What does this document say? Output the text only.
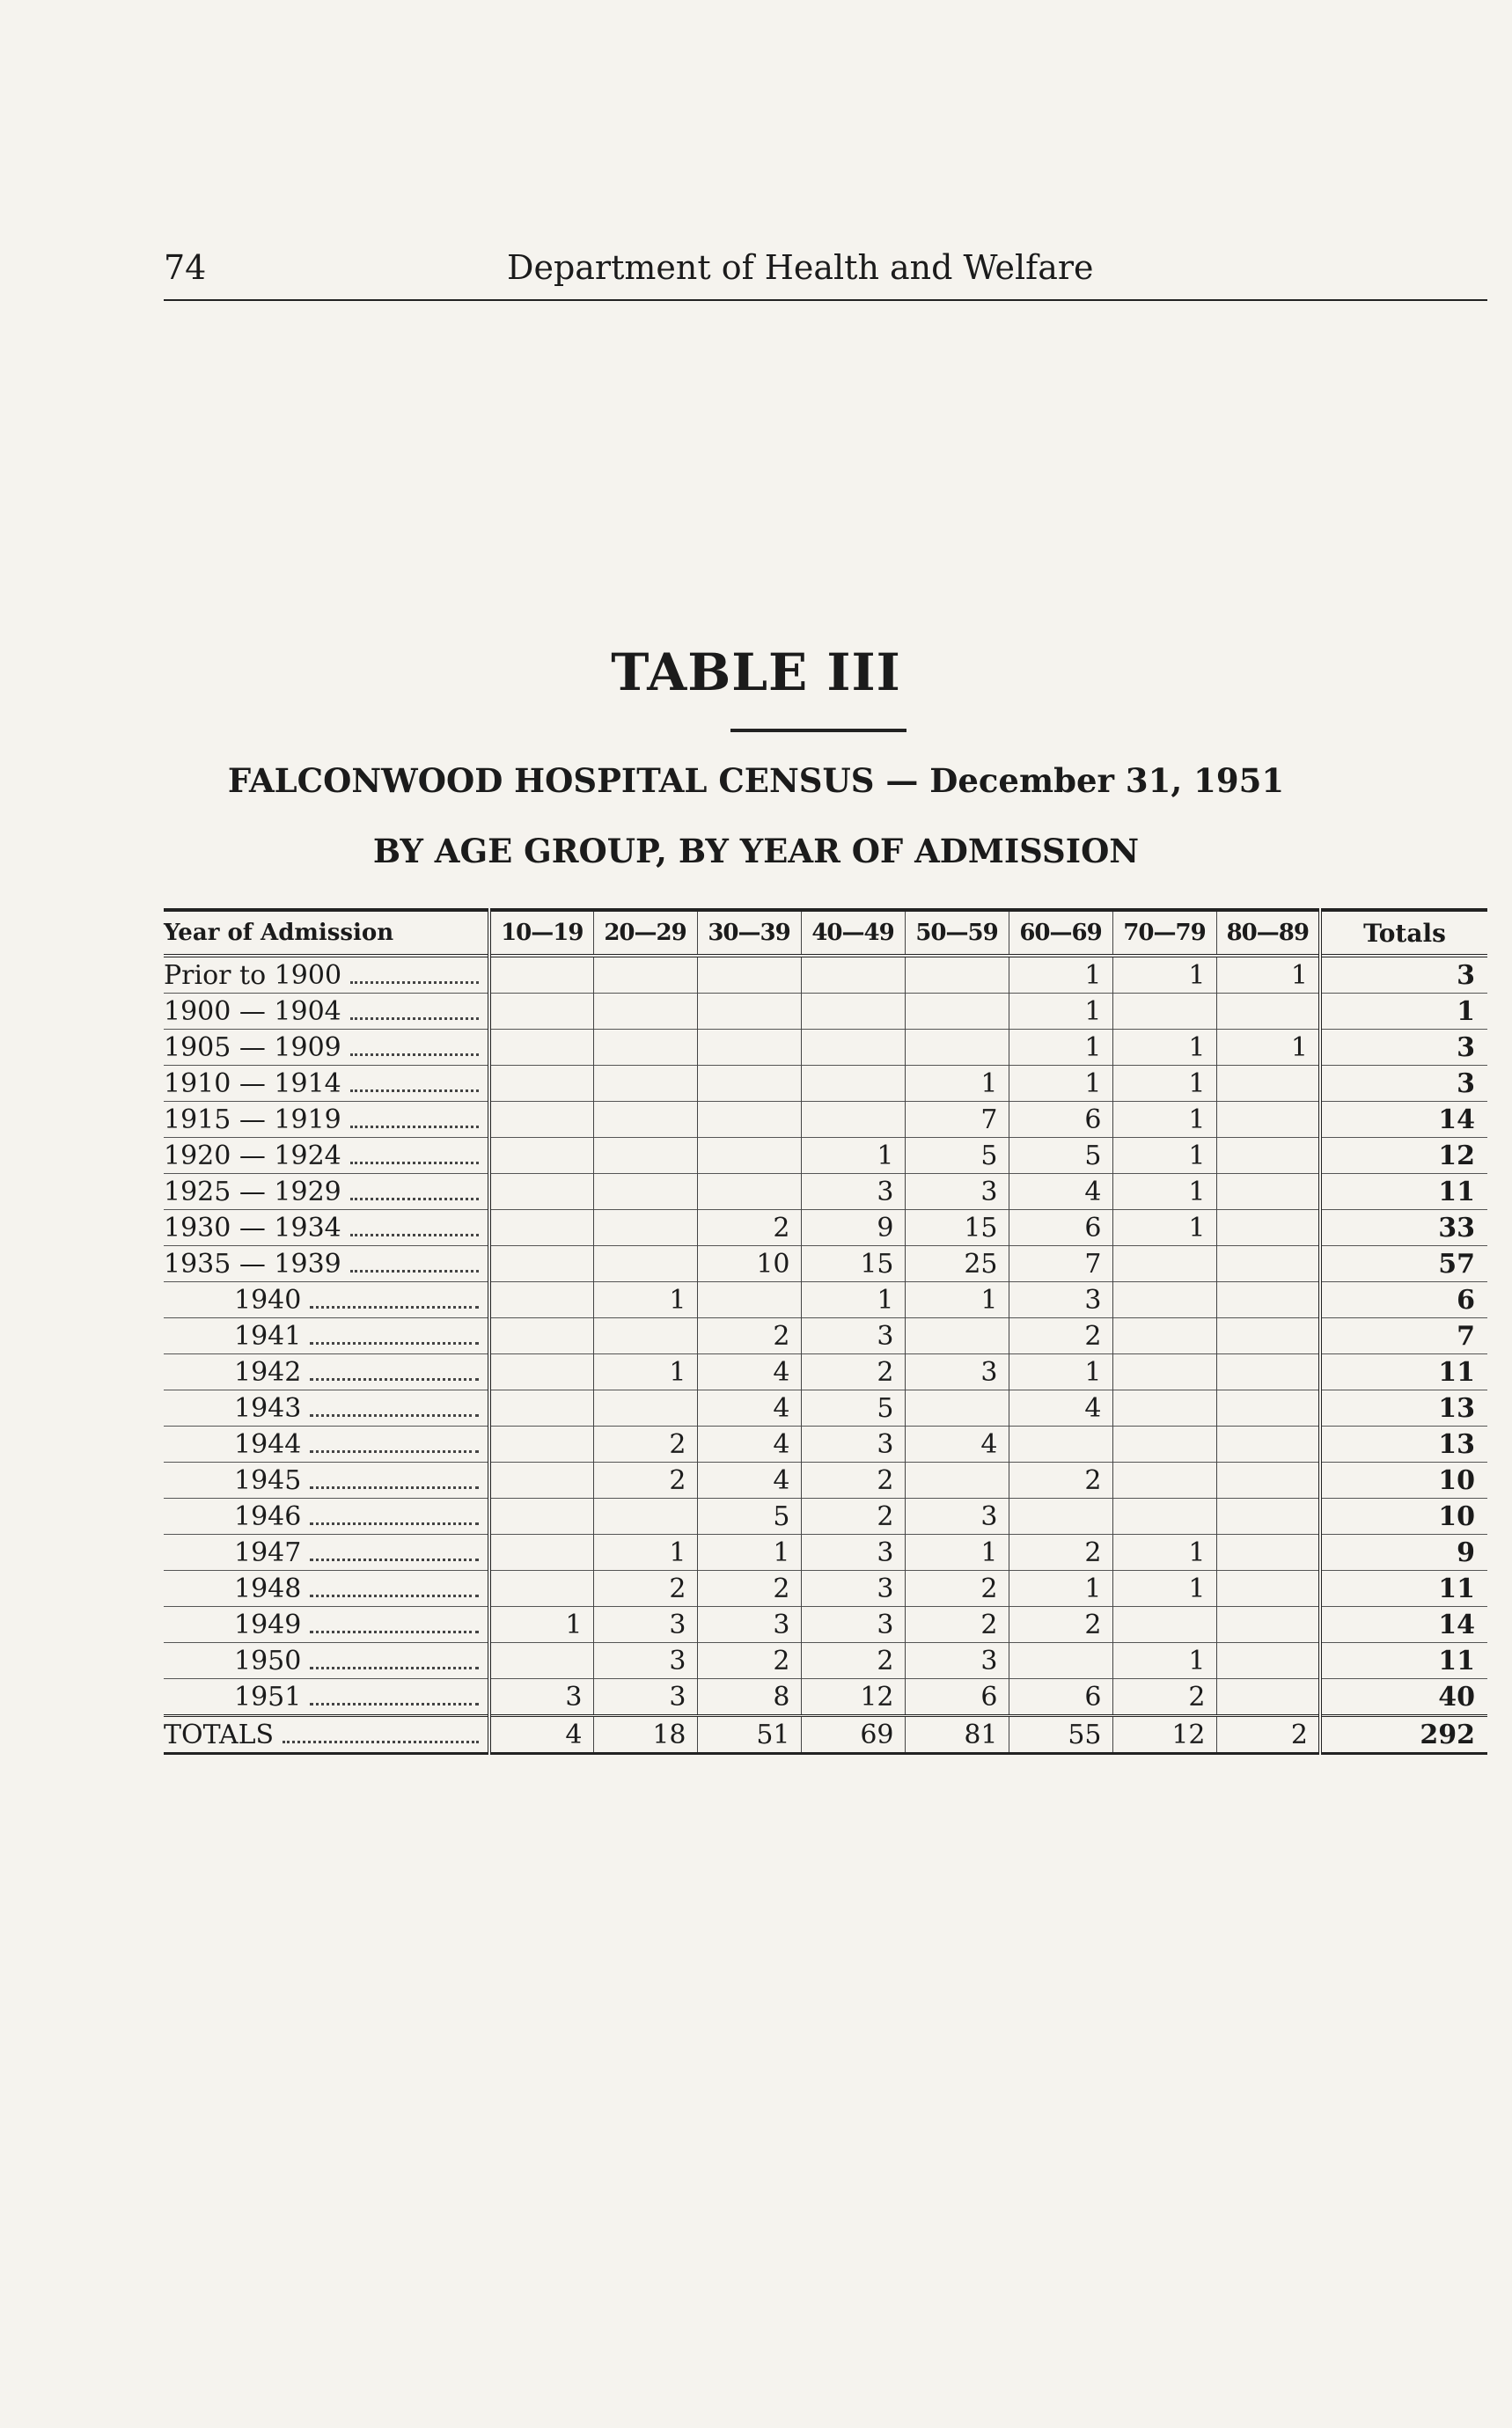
74	Department of Health and Welfare
TABLE III
FALCONWOOD HOSPITAL CENSUS — December 31, 1951
BY AGE GROUP, BY YEAR OF ADMISSION
Year of Admission	10—19	20—29	30—39	40—49	50—59	60—69	70—79	80—89	Totals

Prior to 1900						1	1	1	3

1900 — 1904						1			1

1905 — 1909						1	1	1	3

1910 — 1914					1	1	1		3

1915 — 1919					7	6	1		14

1920 — 1924				1	5	5	1		12

1925 — 1929				3	3	4	1		11

1930 — 1934			2	9	15	6	1		33

1935 — 1939			10	15	25	7			57

1940		1		1	1	3			6

1941			2	3		2			7

1942		1	4	2	3	1			11

1943			4	5		4			13

1944		2	4	3	4				13

1945		2	4	2		2			10

1946			5	2	3				10

1947		1	1	3	1	2	1		9

1948		2	2	3	2	1	1		11

1949	1	3	3	3	2	2			14

1950		3	2	2	3		1		11

1951	3	3	8	12	6	6	2		40

TOTALS	4	18	51	69	81	55	12	2	292
